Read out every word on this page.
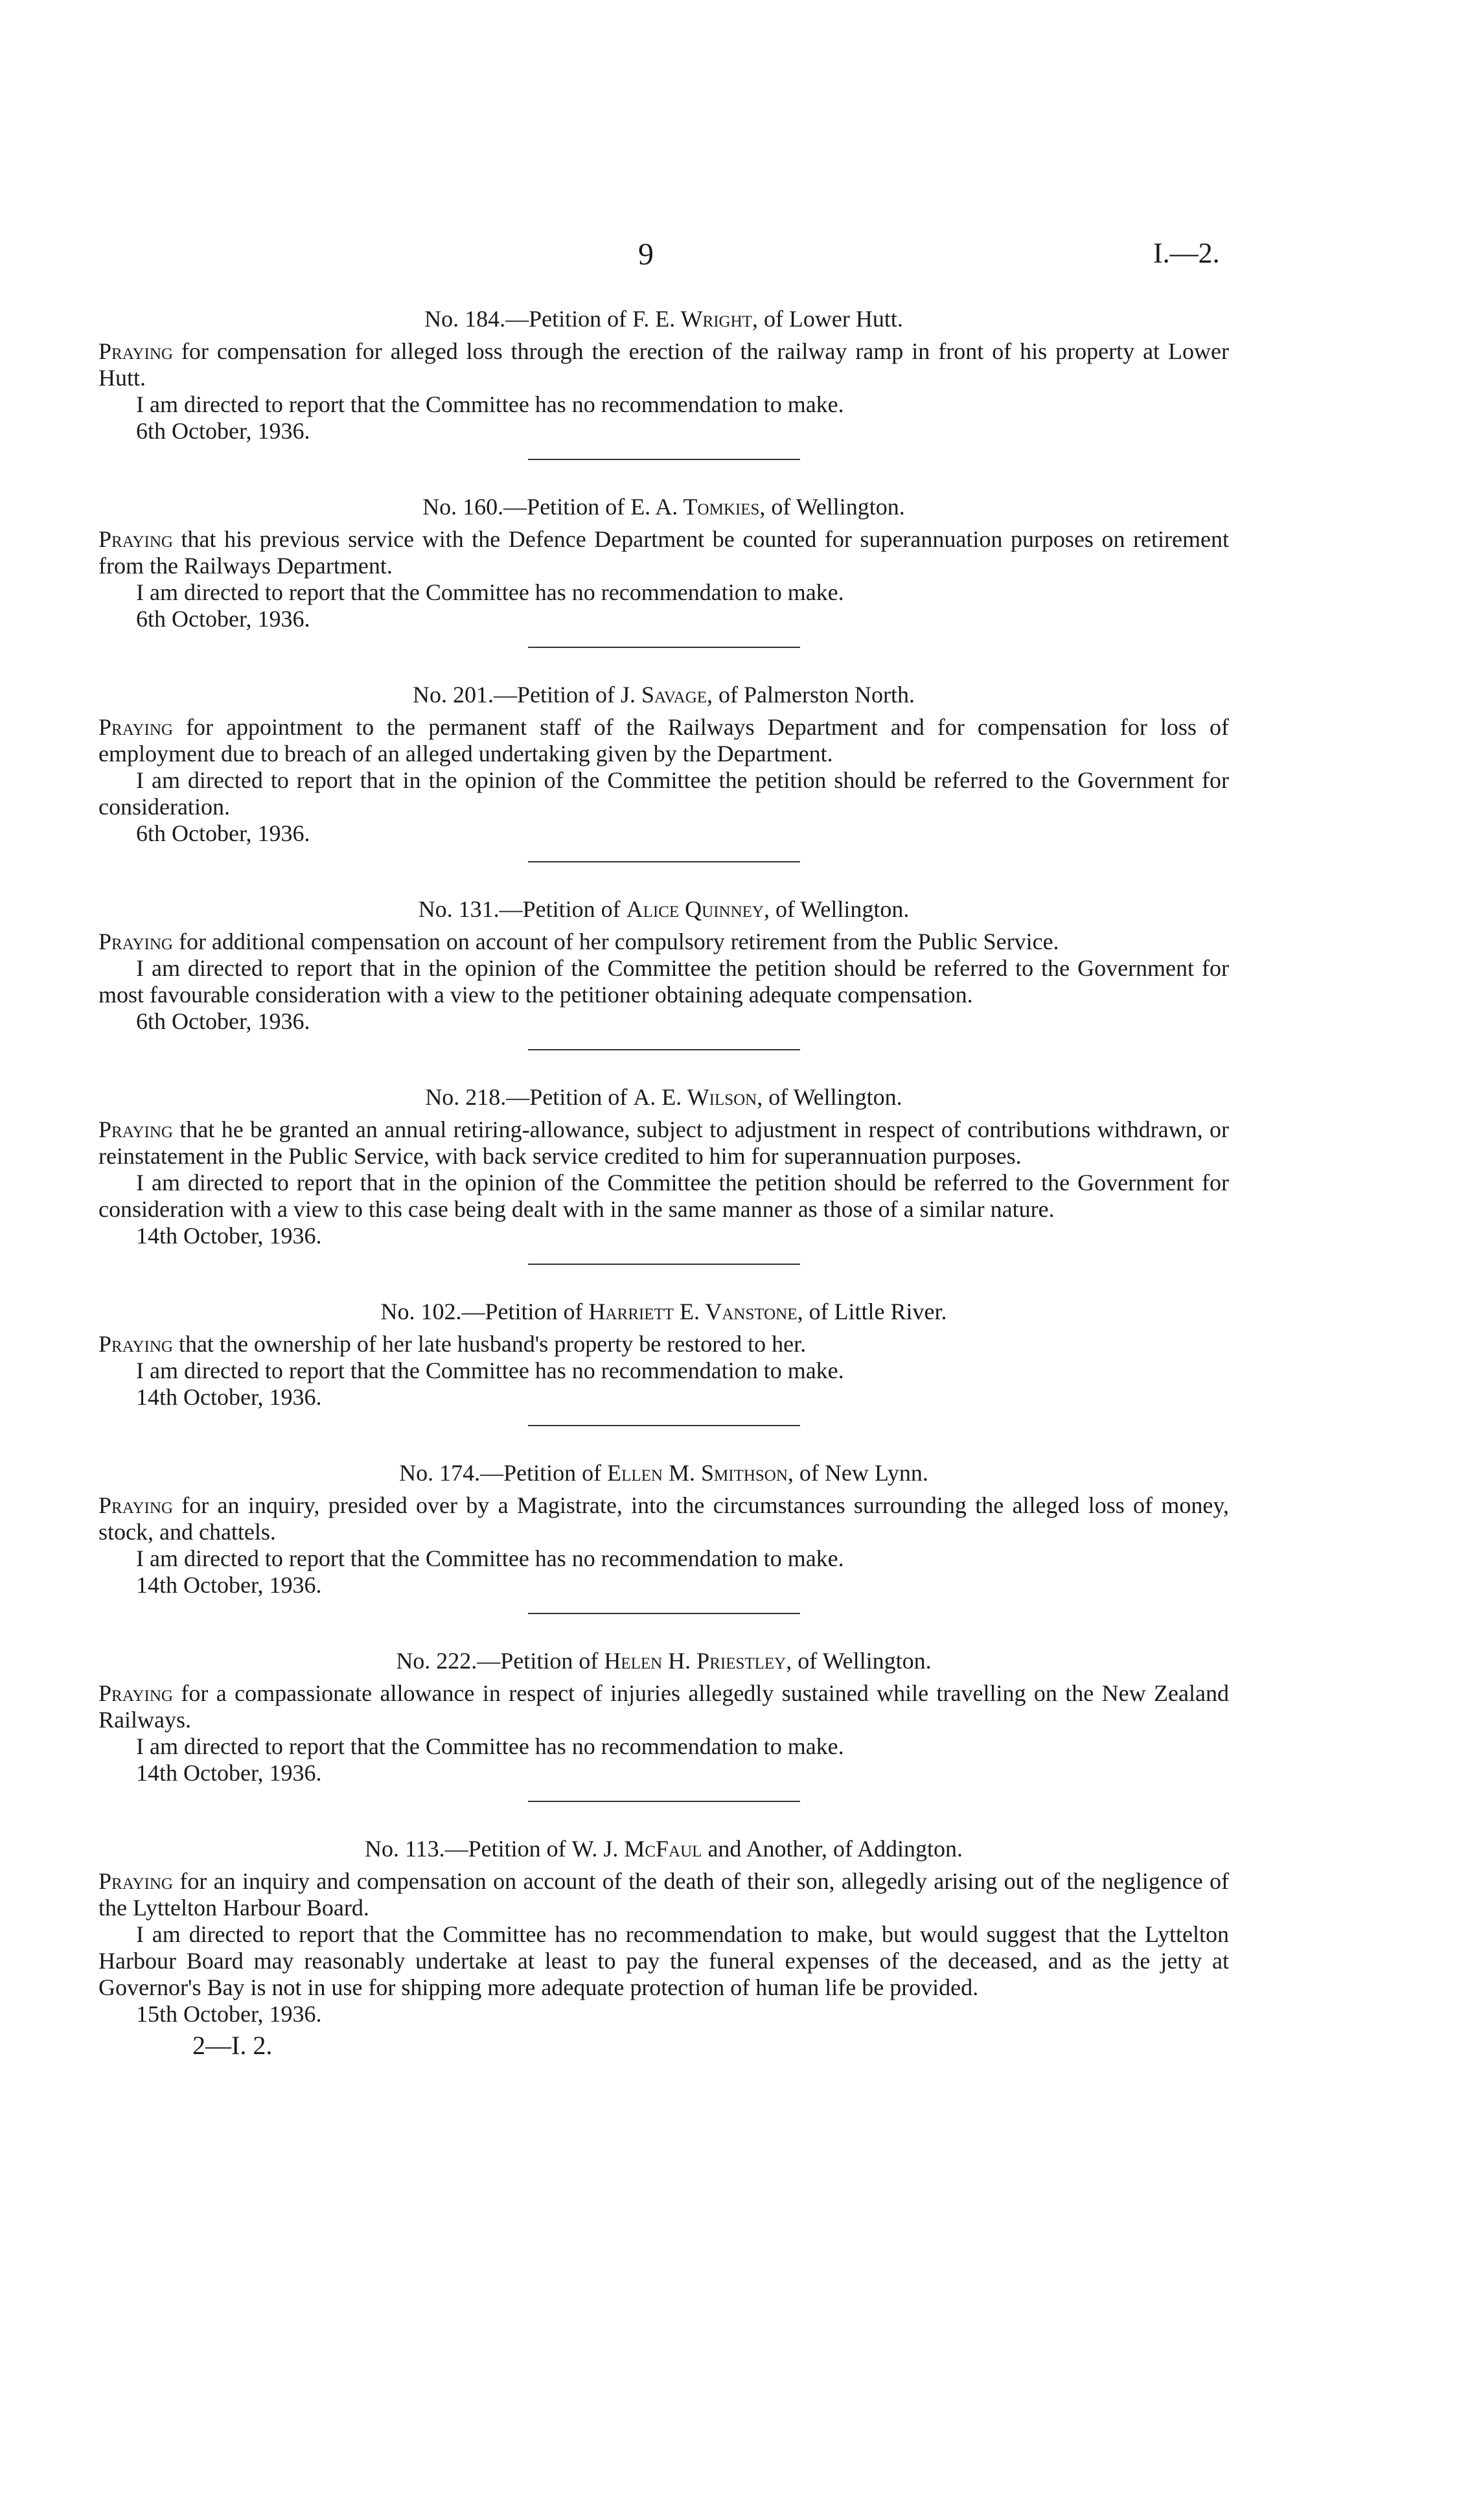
9	I.—2.
No. 184.—Petition of F. E. Wright, of Lower Hutt.

Praying for compensation for alleged loss through the erection of the railway ramp in front of his property at Lower Hutt.

I am directed to report that the Committee has no recommendation to make.

6th October, 1936.

No. 160.—Petition of E. A. Tomkies, of Wellington.

Praying that his previous service with the Defence Department be counted for superannuation purposes on retirement from the Railways Department.

I am directed to report that the Committee has no recommendation to make.

6th October, 1936.

No. 201.—Petition of J. Savage, of Palmerston North.

Praying for appointment to the permanent staff of the Railways Department and for compensation for loss of employment due to breach of an alleged undertaking given by the Department.

I am directed to report that in the opinion of the Committee the petition should be referred to the Government for consideration.

6th October, 1936.

No. 131.—Petition of Alice Quinney, of Wellington.

Praying for additional compensation on account of her compulsory retirement from the Public Service.

I am directed to report that in the opinion of the Committee the petition should be referred to the Government for most favourable consideration with a view to the petitioner obtaining adequate compensation.

6th October, 1936.

No. 218.—Petition of A. E. Wilson, of Wellington.

Praying that he be granted an annual retiring-allowance, subject to adjustment in respect of contributions withdrawn, or reinstatement in the Public Service, with back service credited to him for superannuation purposes.

I am directed to report that in the opinion of the Committee the petition should be referred to the Government for consideration with a view to this case being dealt with in the same manner as those of a similar nature.

14th October, 1936.

No. 102.—Petition of Harriett E. Vanstone, of Little River.

Praying that the ownership of her late husband's property be restored to her.

I am directed to report that the Committee has no recommendation to make.

14th October, 1936.

No. 174.—Petition of Ellen M. Smithson, of New Lynn.

Praying for an inquiry, presided over by a Magistrate, into the circumstances surrounding the alleged loss of money, stock, and chattels.

I am directed to report that the Committee has no recommendation to make.

14th October, 1936.

No. 222.—Petition of Helen H. Priestley, of Wellington.

Praying for a compassionate allowance in respect of injuries allegedly sustained while travelling on the New Zealand Railways.

I am directed to report that the Committee has no recommendation to make.

14th October, 1936.

No. 113.—Petition of W. J. McFaul and Another, of Addington.

Praying for an inquiry and compensation on account of the death of their son, allegedly arising out of the negligence of the Lyttelton Harbour Board.

I am directed to report that the Committee has no recommendation to make, but would suggest that the Lyttelton Harbour Board may reasonably undertake at least to pay the funeral expenses of the deceased, and as the jetty at Governor's Bay is not in use for shipping more adequate protection of human life be provided.

15th October, 1936.

2—I. 2.
